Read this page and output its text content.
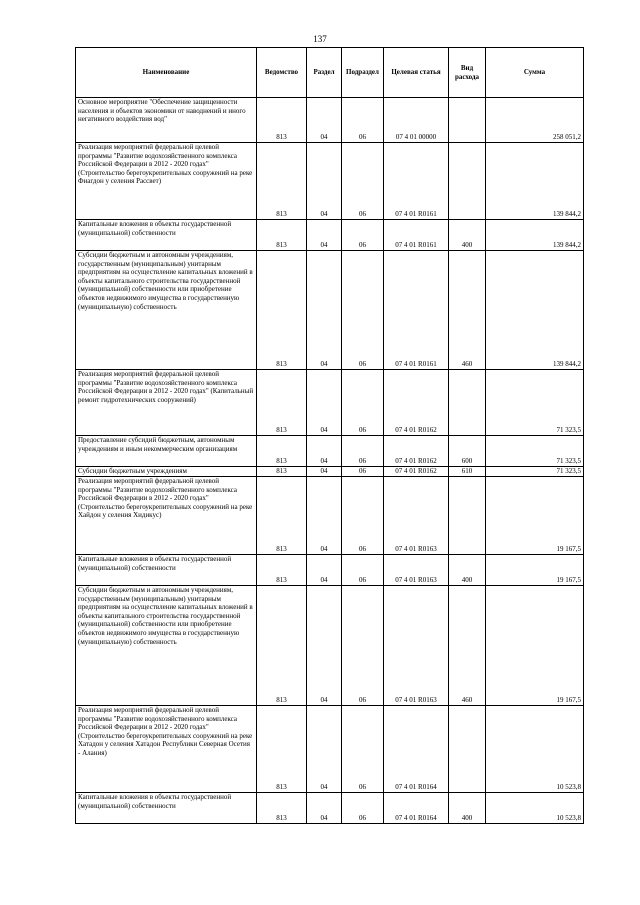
137
Наименование	Ведомство	Раздел	Подраздел	Целевая статья	Вид расхода	Сумма
Основное мероприятие "Обеспечение защищенности населения и объектов экономики от наводнений и иного негативного воздействия вод"	813	04	06	07 4 01 00000		258 051,2
Реализация мероприятий федеральной целевой программы "Развитие водохозяйственного комплекса Российской Федерации в 2012 - 2020 годах" (Строительство берегоукрепительных сооружений на реке Фиагдон у селения Рассвет)	813	04	06	07 4 01 R0161		139 844,2
Капитальные вложения в объекты государственной (муниципальной) собственности	813	04	06	07 4 01 R0161	400	139 844,2
Субсидии бюджетным и автономным учреждениям, государственным (муниципальным) унитарным предприятиям на осуществление капитальных вложений в объекты капитального строительства государственной (муниципальной) собственности или приобретение объектов недвижимого имущества в государственную (муниципальную) собственность	813	04	06	07 4 01 R0161	460	139 844,2
Реализация мероприятий федеральной целевой программы "Развитие водохозяйственного комплекса Российской Федерации в 2012 - 2020 годах" (Капитальный ремонт гидротехнических сооружений)	813	04	06	07 4 01 R0162		71 323,5
Предоставление субсидий бюджетным, автономным учреждениям и иным некоммерческим организациям	813	04	06	07 4 01 R0162	600	71 323,5
Субсидии бюджетным учреждениям	813	04	06	07 4 01 R0162	610	71 323,5
Реализация мероприятий федеральной целевой программы "Развитие водохозяйственного комплекса Российской Федерации в 2012 - 2020 годах" (Строительство берегоукрепительных сооружений на реке Хайдон у селения Хидикус)	813	04	06	07 4 01 R0163		19 167,5
Капитальные вложения в объекты государственной (муниципальной) собственности	813	04	06	07 4 01 R0163	400	19 167,5
Субсидии бюджетным и автономным учреждениям, государственным (муниципальным) унитарным предприятиям на осуществление капитальных вложений в объекты капитального строительства государственной (муниципальной) собственности или приобретение объектов недвижимого имущества в государственную (муниципальную) собственность	813	04	06	07 4 01 R0163	460	19 167,5
Реализация мероприятий федеральной целевой программы "Развитие водохозяйственного комплекса Российской Федерации в 2012 - 2020 годах" (Строительство берегоукрепительных сооружений на реке Хатадон у селения Хатадон Республики Северная Осетия - Алания)	813	04	06	07 4 01 R0164		10 523,8
Капитальные вложения в объекты государственной (муниципальной) собственности	813	04	06	07 4 01 R0164	400	10 523,8
